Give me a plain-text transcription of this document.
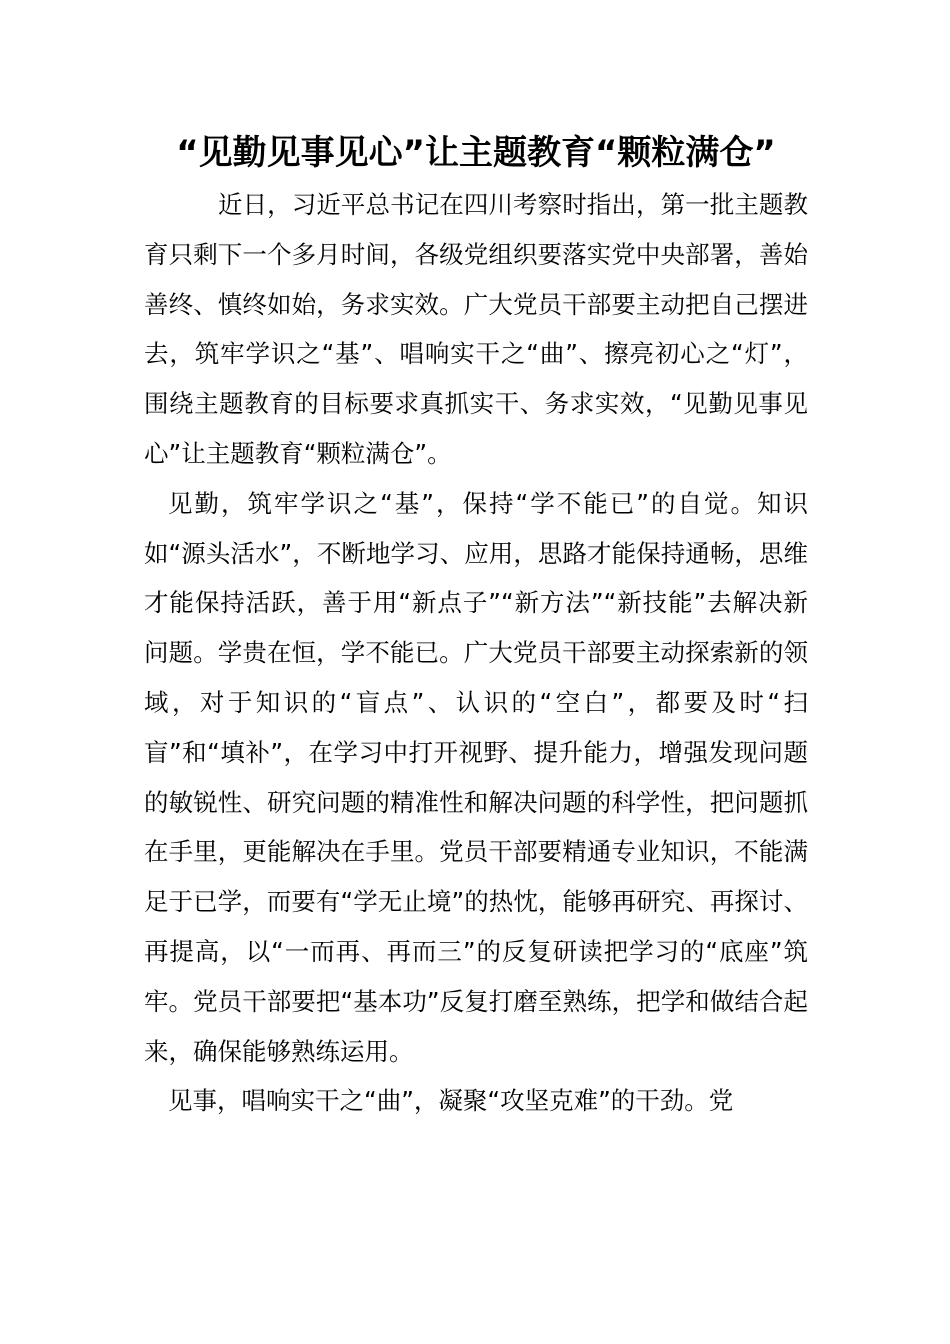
“见勤见事见心”让主题教育“颗粒满仓”

近日，习近平总书记在四川考察时指出，第一批主题教育只剩下一个多月时间，各级党组织要落实党中央部署，善始善终、慎终如始，务求实效。广大党员干部要主动把自己摆进去，筑牢学识之“基”、唱响实干之“曲”、擦亮初心之“灯”，围绕主题教育的目标要求真抓实干、务求实效，“见勤见事见心”让主题教育“颗粒满仓”。

见勤，筑牢学识之“基”，保持“学不能已”的自觉。知识如“源头活水”，不断地学习、应用，思路才能保持通畅，思维才能保持活跃，善于用“新点子”“新方法”“新技能”去解决新问题。学贵在恒，学不能已。广大党员干部要主动探索新的领域，对于知识的“盲点”、认识的“空白”，都要及时“扫盲”和“填补”，在学习中打开视野、提升能力，增强发现问题的敏锐性、研究问题的精准性和解决问题的科学性，把问题抓在手里，更能解决在手里。党员干部要精通专业知识，不能满足于已学，而要有“学无止境”的热忱，能够再研究、再探讨、再提高，以“一而再、再而三”的反复研读把学习的“底座”筑牢。党员干部要把“基本功”反复打磨至熟练，把学和做结合起来，确保能够熟练运用。

见事，唱响实干之“曲”，凝聚“攻坚克难”的干劲。党
